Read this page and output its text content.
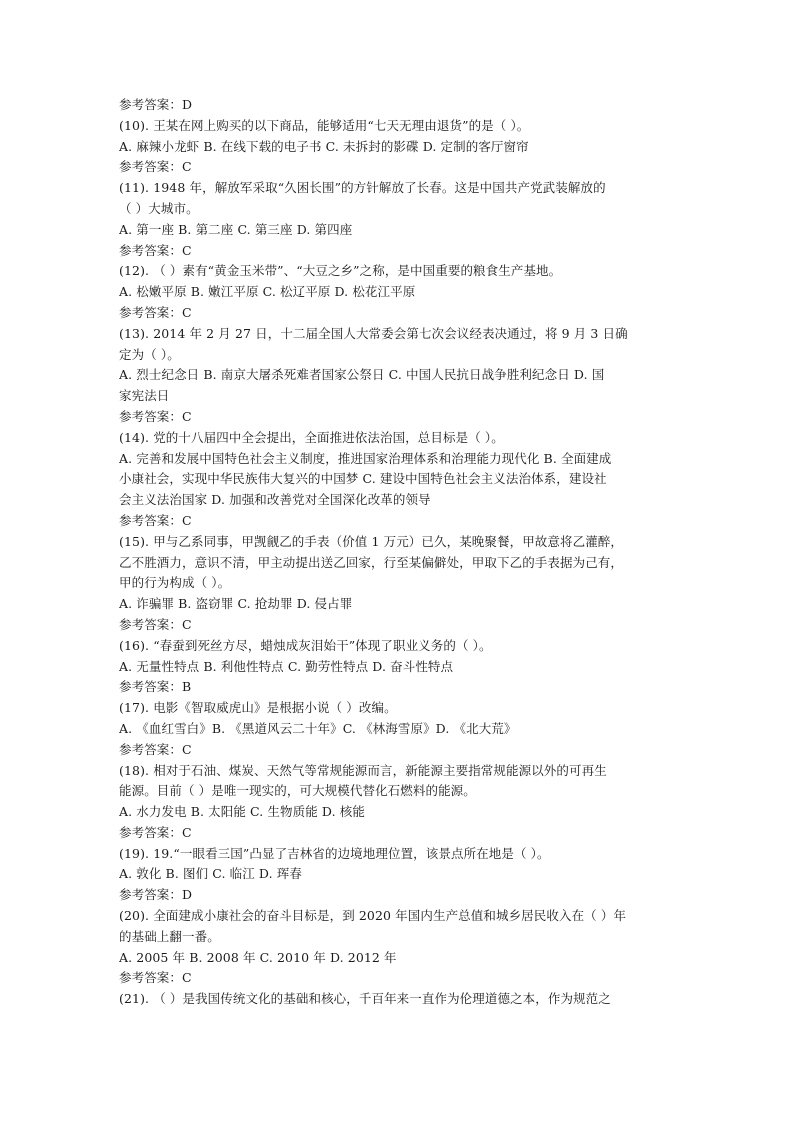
参考答案：D
(10). 王某在网上购买的以下商品，能够适用“七天无理由退货”的是（ ）。
A. 麻辣小龙虾 B. 在线下载的电子书 C. 未拆封的影碟 D. 定制的客厅窗帘
参考答案：C
(11). 1948 年，解放军采取“久困长围”的方针解放了长春。这是中国共产党武装解放的
（ ）大城市。
A. 第一座 B. 第二座 C. 第三座 D. 第四座
参考答案：C
(12). （ ）素有“黄金玉米带”、“大豆之乡”之称，是中国重要的粮食生产基地。
A. 松嫩平原 B. 嫩江平原 C. 松辽平原 D. 松花江平原
参考答案：C
(13). 2014 年 2 月 27 日，十二届全国人大常委会第七次会议经表决通过，将 9 月 3 日确
定为（ ）。
A. 烈士纪念日 B. 南京大屠杀死难者国家公祭日 C. 中国人民抗日战争胜利纪念日 D. 国
家宪法日
参考答案：C
(14). 党的十八届四中全会提出，全面推进依法治国，总目标是（ ）。
A. 完善和发展中国特色社会主义制度，推进国家治理体系和治理能力现代化 B. 全面建成
小康社会，实现中华民族伟大复兴的中国梦 C. 建设中国特色社会主义法治体系，建设社
会主义法治国家 D. 加强和改善党对全国深化改革的领导
参考答案：C
(15). 甲与乙系同事，甲觊觎乙的手表（价值 1 万元）已久，某晚聚餐，甲故意将乙灌醉，
乙不胜酒力，意识不清，甲主动提出送乙回家，行至某偏僻处，甲取下乙的手表据为己有，
甲的行为构成（ ）。
A. 诈骗罪 B. 盗窃罪 C. 抢劫罪 D. 侵占罪
参考答案：C
(16). “春蚕到死丝方尽，蜡烛成灰泪始干”体现了职业义务的（ ）。
A. 无量性特点 B. 利他性特点 C. 勤劳性特点 D. 奋斗性特点
参考答案：B
(17). 电影《智取威虎山》是根据小说（ ）改编。
A. 《血红雪白》B. 《黑道风云二十年》C. 《林海雪原》D. 《北大荒》
参考答案：C
(18). 相对于石油、煤炭、天然气等常规能源而言，新能源主要指常规能源以外的可再生
能源。目前（ ）是唯一现实的，可大规模代替化石燃料的能源。
A. 水力发电 B. 太阳能 C. 生物质能 D. 核能
参考答案：C
(19). 19.“一眼看三国”凸显了吉林省的边境地理位置，该景点所在地是（ ）。
A. 敦化 B. 图们 C. 临江 D. 珲春
参考答案：D
(20). 全面建成小康社会的奋斗目标是，到 2020 年国内生产总值和城乡居民收入在（ ）年
的基础上翻一番。
A. 2005 年 B. 2008 年 C. 2010 年 D. 2012 年
参考答案：C
(21). （ ）是我国传统文化的基础和核心，千百年来一直作为伦理道德之本，作为规范之
